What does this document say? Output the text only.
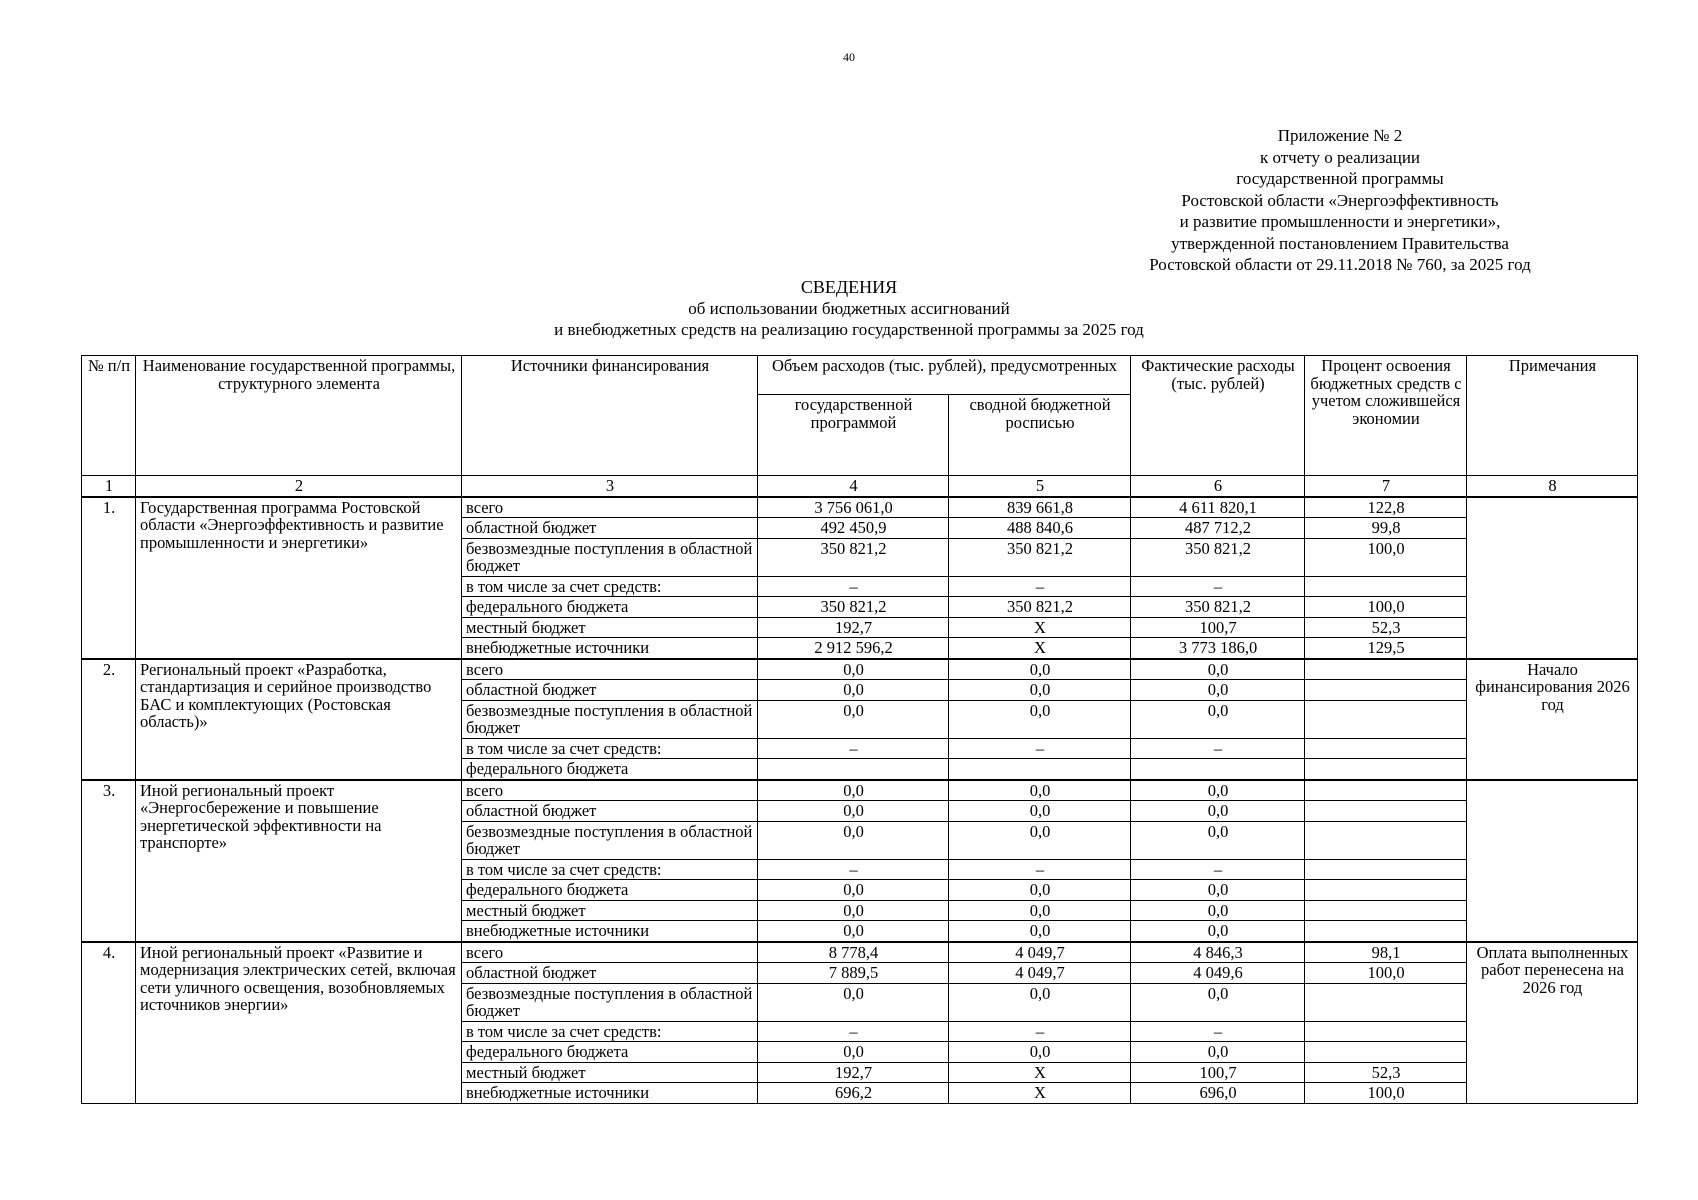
40
Приложение № 2
к отчету о реализации
государственной программы
Ростовской области «Энергоэффективность
и развитие промышленности и энергетики»,
утвержденной постановлением Правительства
Ростовской области от 29.11.2018 № 760, за 2025 год
СВЕДЕНИЯ
об использовании бюджетных ассигнований
и внебюджетных средств на реализацию государственной программы за 2025 год
№ п/п	Наименование государственной программы, структурного элемента	Источники финансирования	Объем расходов (тыс. рублей), предусмотренных		Фактические расходы (тыс. рублей)	Процент освоения бюджетных средств с учетом сложившейся экономии	Примечания
			государственной программой	сводной бюджетной росписью			
1	2	3	4	5	6	7	8
1.	Государственная программа Ростовской области «Энергоэффективность и развитие промышленности и энергетики»	всего	3 756 061,0	839 661,8	4 611 820,1	122,8	
		областной бюджет	492 450,9	488 840,6	487 712,2	99,8	
		безвозмездные поступления в областной бюджет	350 821,2	350 821,2	350 821,2	100,0	
		в том числе за счет средств:	–	–	–		
		федерального бюджета	350 821,2	350 821,2	350 821,2	100,0	
		местный бюджет	192,7	Х	100,7	52,3	
		внебюджетные источники	2 912 596,2	Х	3 773 186,0	129,5	
2.	Региональный проект «Разработка, стандартизация и серийное производство БАС и комплектующих (Ростовская область)»	всего	0,0	0,0	0,0		Начало финансирования 2026 год
		областной бюджет	0,0	0,0	0,0		
		безвозмездные поступления в областной бюджет	0,0	0,0	0,0		
		в том числе за счет средств:	–	–	–		
		федерального бюджета					
3.	Иной региональный проект «Энергосбережение и повышение энергетической эффективности на транспорте»	всего	0,0	0,0	0,0		
		областной бюджет	0,0	0,0	0,0		
		безвозмездные поступления в областной бюджет	0,0	0,0	0,0		
		в том числе за счет средств:	–	–	–		
		федерального бюджета	0,0	0,0	0,0		
		местный бюджет	0,0	0,0	0,0		
		внебюджетные источники	0,0	0,0	0,0		
4.	Иной региональный проект «Развитие и модернизация электрических сетей, включая сети уличного освещения, возобновляемых источников энергии»	всего	8 778,4	4 049,7	4 846,3	98,1	Оплата выполненных работ перенесена на 2026 год
		областной бюджет	7 889,5	4 049,7	4 049,6	100,0	
		безвозмездные поступления в областной бюджет	0,0	0,0	0,0		
		в том числе за счет средств:	–	–	–		
		федерального бюджета	0,0	0,0	0,0		
		местный бюджет	192,7	Х	100,7	52,3	
		внебюджетные источники	696,2	Х	696,0	100,0	
